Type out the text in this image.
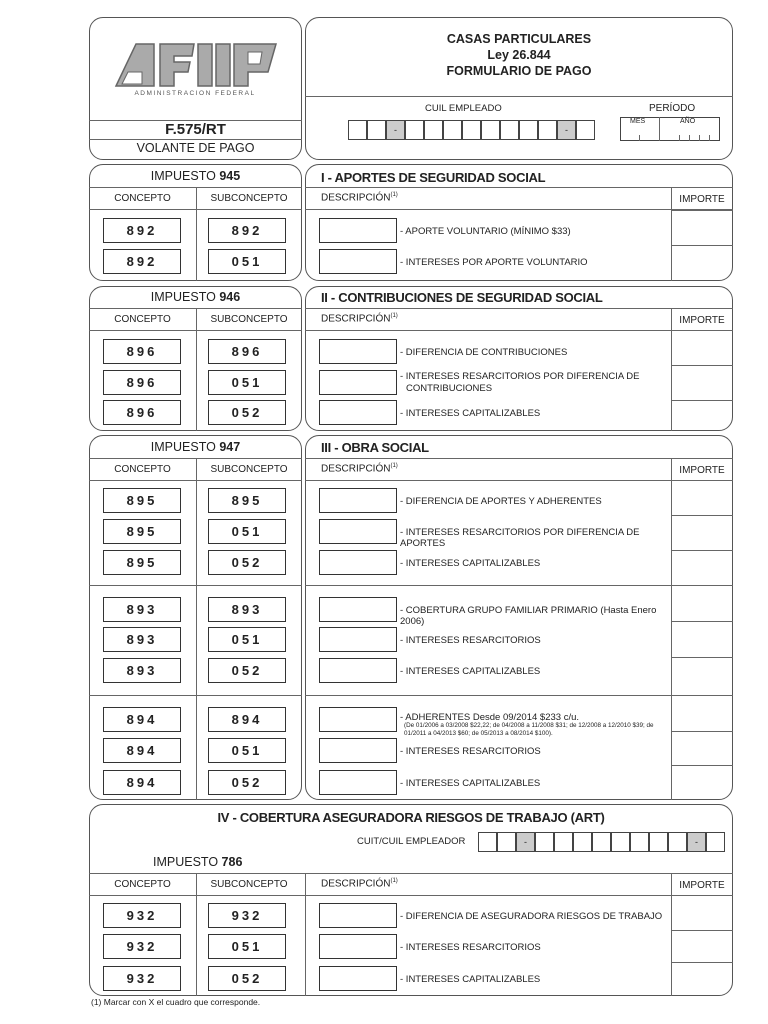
ADMINISTRACION FEDERAL
F.575/RT
VOLANTE DE PAGO
CASAS PARTICULARES
Ley 26.844
FORMULARIO DE PAGO
CUIL EMPLEADO	PERÍODO
-	-
MES	AÑO
IMPUESTO 945	I - APORTES DE SEGURIDAD SOCIAL
IMPUESTO 946	II - CONTRIBUCIONES DE SEGURIDAD SOCIAL
IMPUESTO 947	III - OBRA SOCIAL
IV - COBERTURA ASEGURADORA RIESGOS DE TRABAJO (ART)
CUIT/CUIL EMPLEADOR	-	-
IMPUESTO 786
CONCEPTO	SUBCONCEPTO	DESCRIPCIÓN$^{(1)}$	IMPORTE
892	892	- APORTE VOLUNTARIO (MÍNIMO $33)
892	051	- INTERESES POR APORTE VOLUNTARIO
CONCEPTO	SUBCONCEPTO	DESCRIPCIÓN$^{(1)}$	IMPORTE
896	896	- DIFERENCIA DE CONTRIBUCIONES
896	051	- INTERESES RESARCITORIOS POR DIFERENCIA DE
CONTRIBUCIONES
896	052	- INTERESES CAPITALIZABLES
CONCEPTO	SUBCONCEPTO	DESCRIPCIÓN$^{(1)}$	IMPORTE
895	895	- DIFERENCIA DE APORTES Y ADHERENTES
895	051	- INTERESES RESARCITORIOS POR DIFERENCIA DE APORTES
895	052	- INTERESES CAPITALIZABLES
893	893	- COBERTURA GRUPO FAMILIAR PRIMARIO (Hasta Enero 2006)
893	051	- INTERESES RESARCITORIOS
893	052	- INTERESES CAPITALIZABLES
894	894	- ADHERENTES Desde 09/2014 $233 c/u.
(De 01/2006 a 03/2008 $22,22; de 04/2008 a 11/2008 $31; de 12/2008 a 12/2010 $39; de 01/2011 a 04/2013 $60; de 05/2013 a 08/2014 $100).
894	051	- INTERESES RESARCITORIOS
894	052	- INTERESES CAPITALIZABLES
CONCEPTO	SUBCONCEPTO	DESCRIPCIÓN$^{(1)}$	IMPORTE
932	932	- DIFERENCIA DE ASEGURADORA RIESGOS DE TRABAJO
932	051	- INTERESES RESARCITORIOS
932	052	- INTERESES CAPITALIZABLES
(1) Marcar con X el cuadro que corresponde.
